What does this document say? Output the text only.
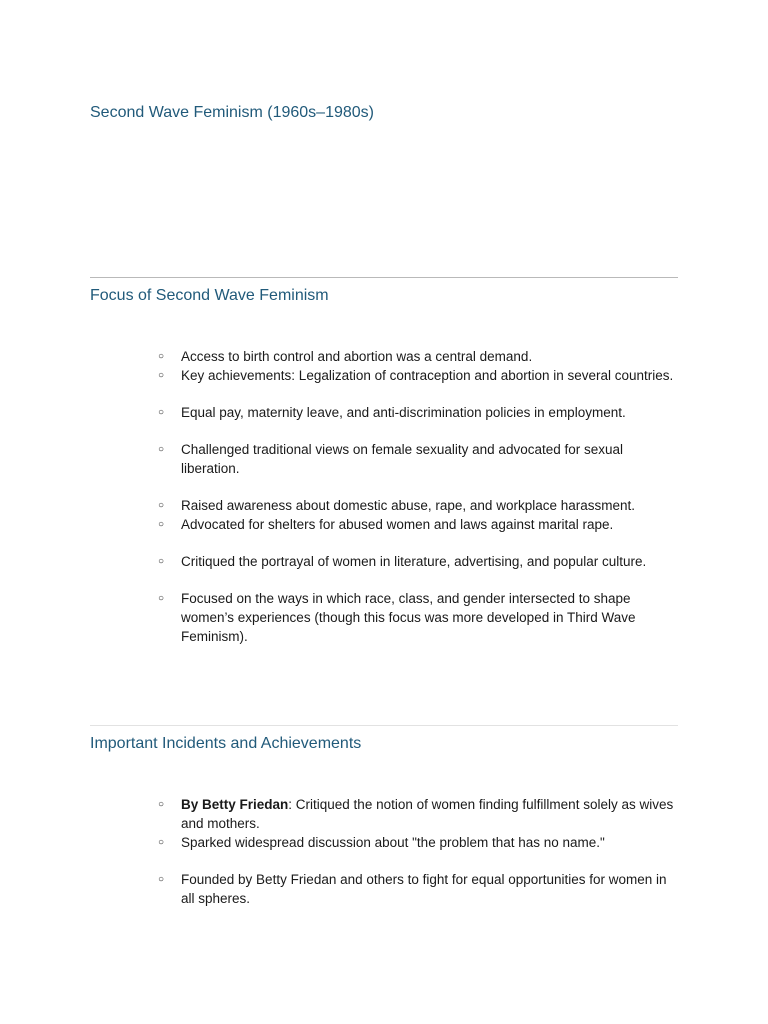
Second Wave Feminism (1960s–1980s)
Focus of Second Wave Feminism
○ Access to birth control and abortion was a central demand.
○ Key achievements: Legalization of contraception and abortion in several countries.
○ Equal pay, maternity leave, and anti-discrimination policies in employment.
○ Challenged traditional views on female sexuality and advocated for sexual liberation.
○ Raised awareness about domestic abuse, rape, and workplace harassment.
○ Advocated for shelters for abused women and laws against marital rape.
○ Critiqued the portrayal of women in literature, advertising, and popular culture.
○ Focused on the ways in which race, class, and gender intersected to shape women’s experiences (though this focus was more developed in Third Wave Feminism).
Important Incidents and Achievements
○ By Betty Friedan: Critiqued the notion of women finding fulfillment solely as wives and mothers.
○ Sparked widespread discussion about "the problem that has no name."
○ Founded by Betty Friedan and others to fight for equal opportunities for women in all spheres.
